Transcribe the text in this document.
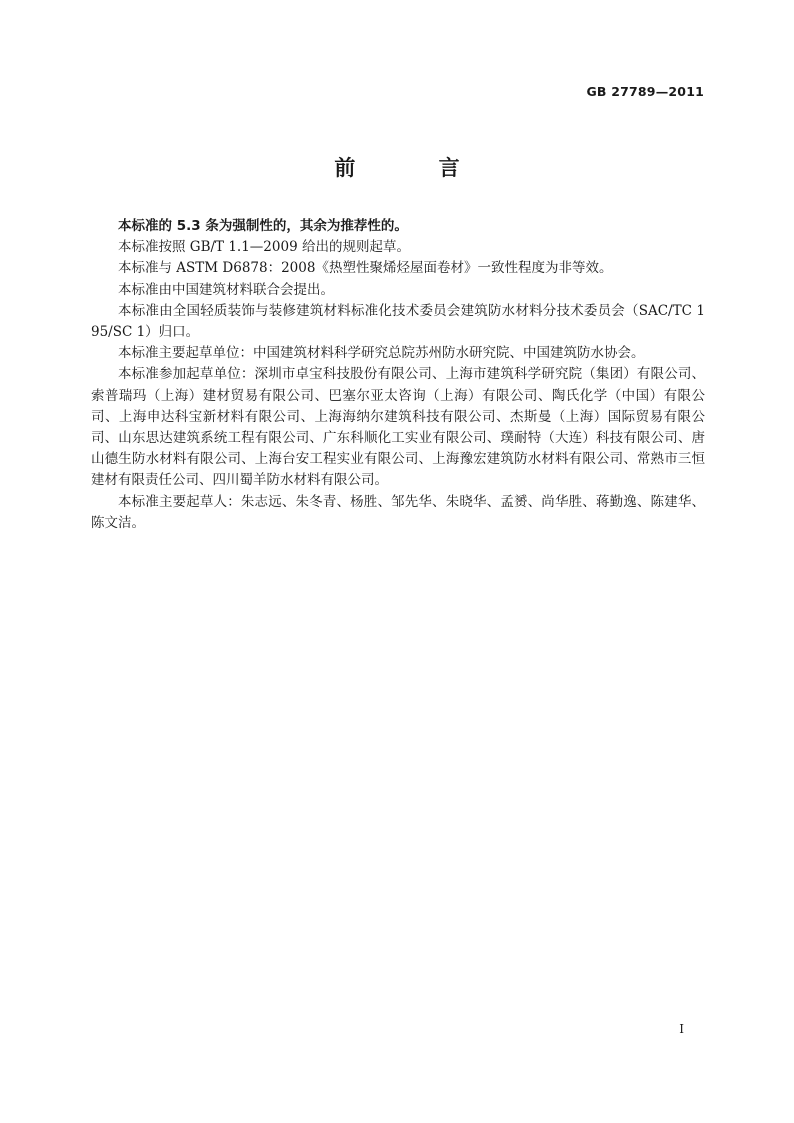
GB 27789—2011
前 言

本标准的 5.3 条为强制性的，其余为推荐性的。

本标准按照 GB/T 1.1—2009 给出的规则起草。

本标准与 ASTM D6878：2008《热塑性聚烯烃屋面卷材》一致性程度为非等效。

本标准由中国建筑材料联合会提出。

本标准由全国轻质装饰与装修建筑材料标准化技术委员会建筑防水材料分技术委员会（SAC/TC 195/SC 1）归口。

本标准主要起草单位：中国建筑材料科学研究总院苏州防水研究院、中国建筑防水协会。

本标准参加起草单位：深圳市卓宝科技股份有限公司、上海市建筑科学研究院（集团）有限公司、索普瑞玛（上海）建材贸易有限公司、巴塞尔亚太咨询（上海）有限公司、陶氏化学（中国）有限公司、上海申达科宝新材料有限公司、上海海纳尔建筑科技有限公司、杰斯曼（上海）国际贸易有限公司、山东思达建筑系统工程有限公司、广东科顺化工实业有限公司、璞耐特（大连）科技有限公司、唐山德生防水材料有限公司、上海台安工程实业有限公司、上海豫宏建筑防水材料有限公司、常熟市三恒建材有限责任公司、四川蜀羊防水材料有限公司。

本标准主要起草人：朱志远、朱冬青、杨胜、邹先华、朱晓华、孟赟、尚华胜、蒋勤逸、陈建华、陈文洁。

I
